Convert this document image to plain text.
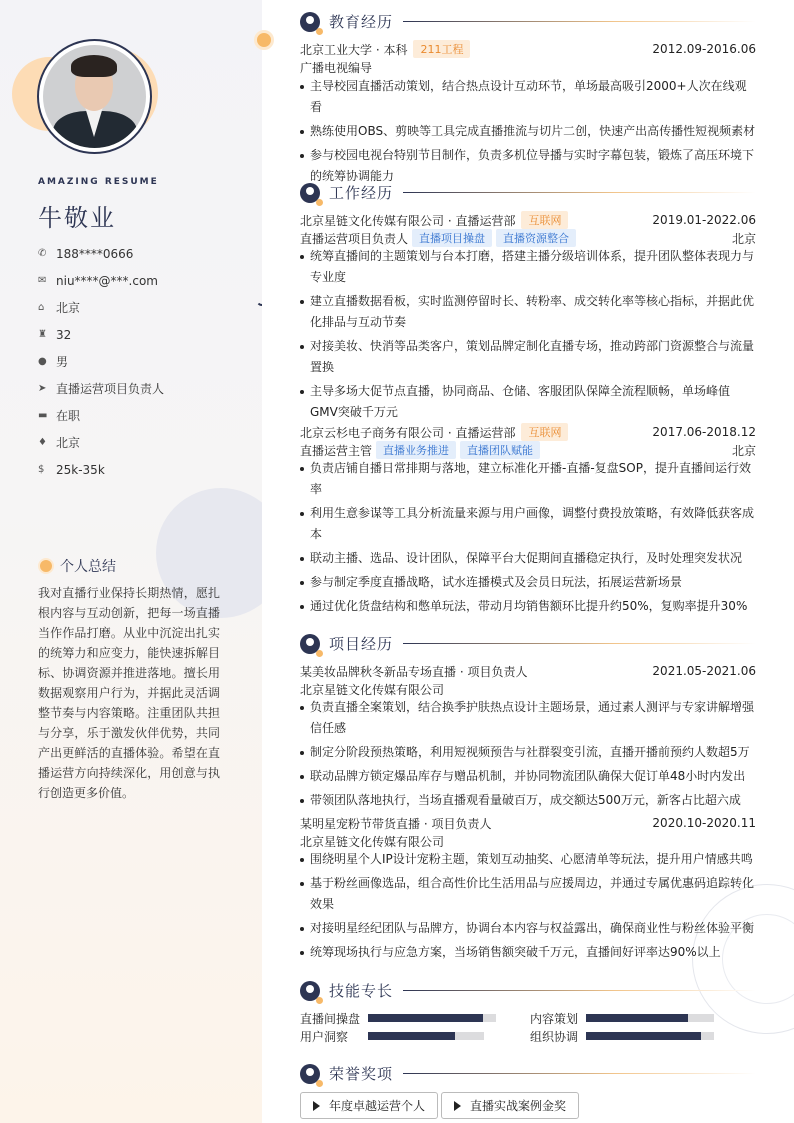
AMAZING RESUME
牛敬业
✆ 188****0666
✉ niu****@***.com
⌂ 北京
♜ 32
● 男
➤ 直播运营项目负责人
▬ 在职
♦ 北京
$ 25k-35k
个人总结
我对直播行业保持长期热情，愿扎根内容与互动创新，把每一场直播当作作品打磨。从业中沉淀出扎实的统筹力和应变力，能快速拆解目标、协调资源并推进落地。擅长用数据观察用户行为，并据此灵活调整节奏与内容策略。注重团队共担与分享，乐于激发伙伴优势，共同产出更鲜活的直播体验。希望在直播运营方向持续深化，用创意与执行创造更多价值。
教育经历
北京工业大学 · 本科	211工程	2012.09-2016.06
广播电视编导
主导校园直播活动策划，结合热点设计互动环节，单场最高吸引2000+人次在线观看
熟练使用OBS、剪映等工具完成直播推流与切片二创，快速产出高传播性短视频素材
参与校园电视台特别节目制作，负责多机位导播与实时字幕包装，锻炼了高压环境下的统筹协调能力
工作经历
北京星链文化传媒有限公司 · 直播运营部	互联网	2019.01-2022.06
直播运营项目负责人	直播项目操盘	直播资源整合	北京
统筹直播间的主题策划与台本打磨，搭建主播分级培训体系，提升团队整体表现力与专业度
建立直播数据看板，实时监测停留时长、转粉率、成交转化率等核心指标，并据此优化排品与互动节奏
对接美妆、快消等品类客户，策划品牌定制化直播专场，推动跨部门资源整合与流量置换
主导多场大促节点直播，协同商品、仓储、客服团队保障全流程顺畅，单场峰值GMV突破千万元
北京云杉电子商务有限公司 · 直播运营部	互联网	2017.06-2018.12
直播运营主管	直播业务推进	直播团队赋能	北京
负责店铺自播日常排期与落地，建立标准化开播-直播-复盘SOP，提升直播间运行效率
利用生意参谋等工具分析流量来源与用户画像，调整付费投放策略，有效降低获客成本
联动主播、选品、设计团队，保障平台大促期间直播稳定执行，及时处理突发状况
参与制定季度直播战略，试水连播模式及会员日玩法，拓展运营新场景
通过优化货盘结构和憋单玩法，带动月均销售额环比提升约50%，复购率提升30%
项目经历
某美妆品牌秋冬新品专场直播 · 项目负责人	2021.05-2021.06
北京星链文化传媒有限公司
负责直播全案策划，结合换季护肤热点设计主题场景，通过素人测评与专家讲解增强信任感
制定分阶段预热策略，利用短视频预告与社群裂变引流，直播开播前预约人数超5万
联动品牌方锁定爆品库存与赠品机制，并协同物流团队确保大促订单48小时内发出
带领团队落地执行，当场直播观看量破百万，成交额达500万元，新客占比超六成
某明星宠粉节带货直播 · 项目负责人	2020.10-2020.11
北京星链文化传媒有限公司
围绕明星个人IP设计宠粉主题，策划互动抽奖、心愿清单等玩法，提升用户情感共鸣
基于粉丝画像选品，组合高性价比生活用品与应援周边，并通过专属优惠码追踪转化效果
对接明星经纪团队与品牌方，协调台本内容与权益露出，确保商业性与粉丝体验平衡
统筹现场执行与应急方案，当场销售额突破千万元，直播间好评率达90%以上
技能专长
直播间操盘	内容策划
用户洞察	组织协调
荣誉奖项
年度卓越运营个人	直播实战案例金奖
